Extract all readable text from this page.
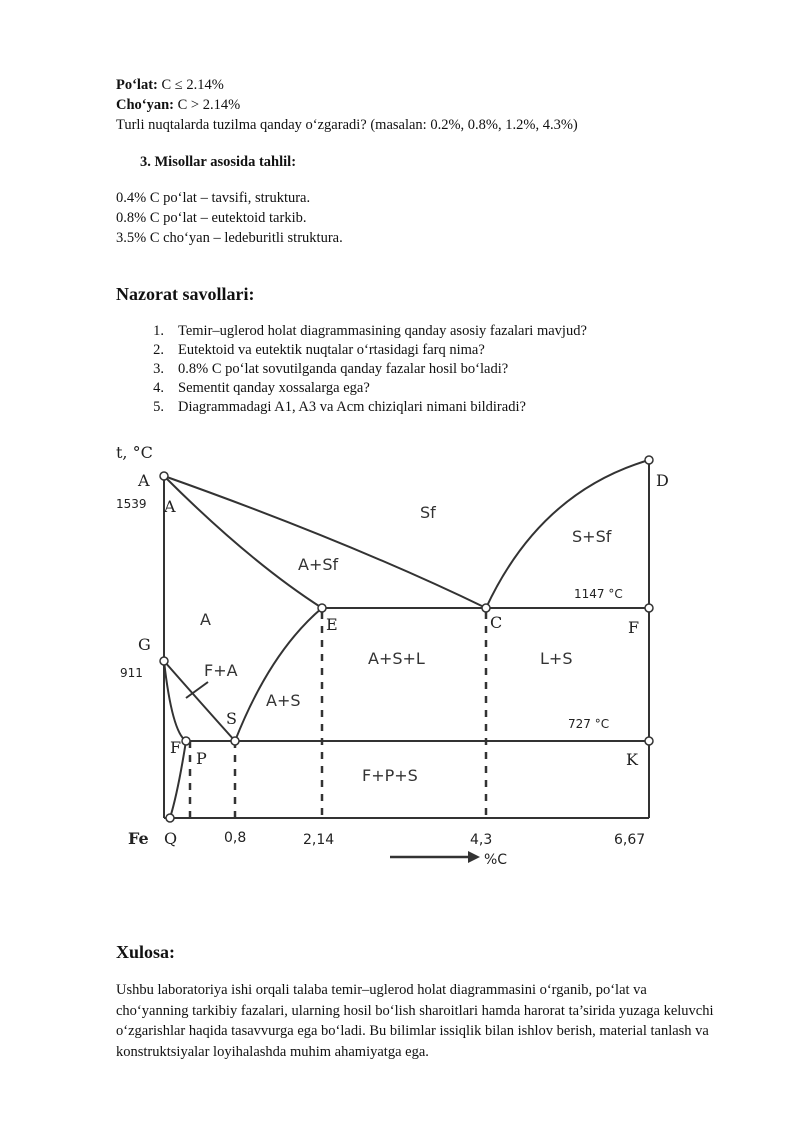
Po‘lat: C ≤ 2.14%
Cho‘yan: C > 2.14%
Turli nuqtalarda tuzilma qanday o‘zgaradi? (masalan: 0.2%, 0.8%, 1.2%, 4.3%)
3. Misollar asosida tahlil:
0.4% C po‘lat – tavsifi, struktura.
0.8% C po‘lat – eutektoid tarkib.
3.5% C cho‘yan – ledeburitli struktura.
Nazorat savollari:
1. Temir–uglerod holat diagrammasining qanday asosiy fazalari mavjud?
2. Eutektoid va eutektik nuqtalar o‘rtasidagi farq nima?
3. 0.8% C po‘lat sovutilganda qanday fazalar hosil bo‘ladi?
4. Sementit qanday xossalarga ega?
5. Diagrammadagi A1, A3 va Acm chiziqlari nimani bildiradi?
t, °C
A
1539 A
D
G
911
E	C	F
1147 °C
727 °C
S
F
P	K
Q
Fe
Sf
S+Sf
A+Sf
A
F+A
A+S
A+S+L	L+S
F+P+S
0,8	2,14	4,3	6,67
%C
Xulosa:
Ushbu laboratoriya ishi orqali talaba temir–uglerod holat diagrammasini o‘rganib, po‘lat va cho‘yanning tarkibiy fazalari, ularning hosil bo‘lish sharoitlari hamda harorat ta’sirida yuzaga keluvchi o‘zgarishlar haqida tasavvurga ega bo‘ladi. Bu bilimlar issiqlik bilan ishlov berish, material tanlash va konstruktsiyalar loyihalashda muhim ahamiyatga ega.
